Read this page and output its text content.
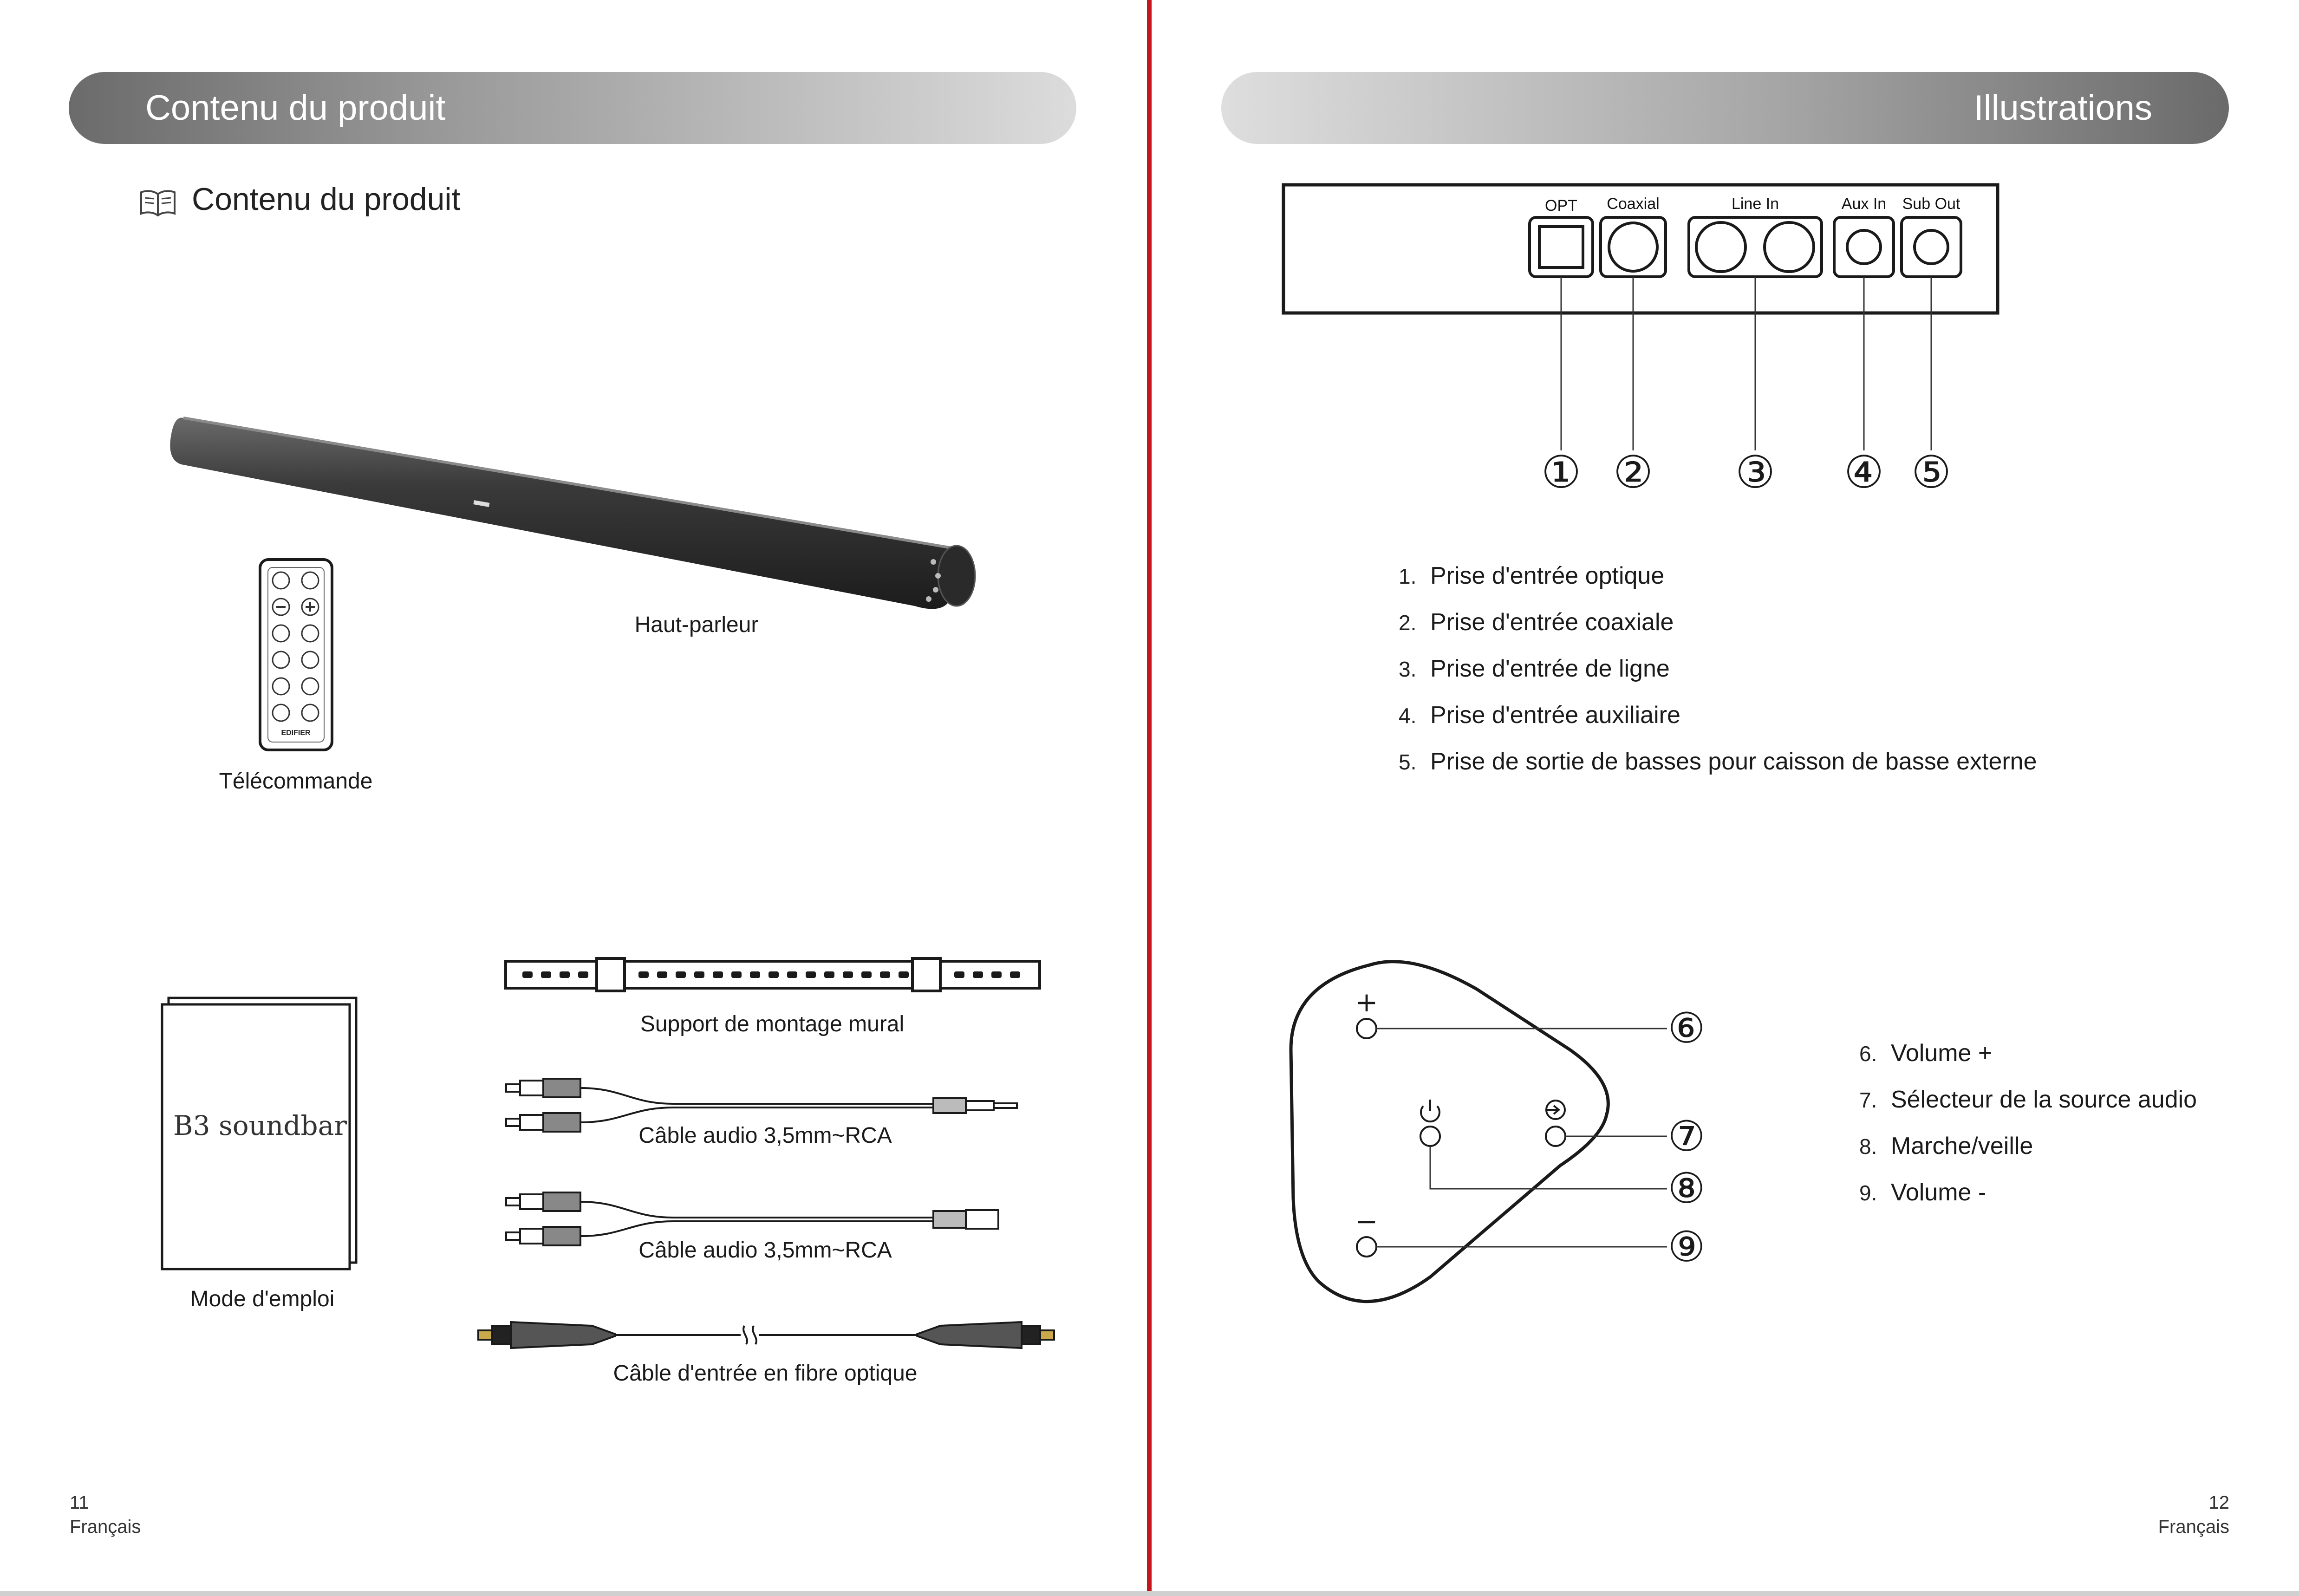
Contenu du produit
Contenu du produit
Haut-parleur
EDIFIER
Télécommande
B3 soundbar
Mode d'emploi
Support de montage mural
Câble audio 3,5mm~RCA
Câble audio 3,5mm~RCA
Câble d'entrée en fibre optique
11
Français
Illustrations
OPT Coaxial	Line In	Aux In Sub Out
① ② ③ ④ ⑤
1. Prise d'entrée optique
2. Prise d'entrée coaxiale
3. Prise d'entrée de ligne
4. Prise d'entrée auxiliaire
5. Prise de sortie de basses pour caisson de basse externe
+
−
⑥
⑦
⑧
⑨
6. Volume +
7. Sélecteur de la source audio
8. Marche/veille
9. Volume -
12
Français
